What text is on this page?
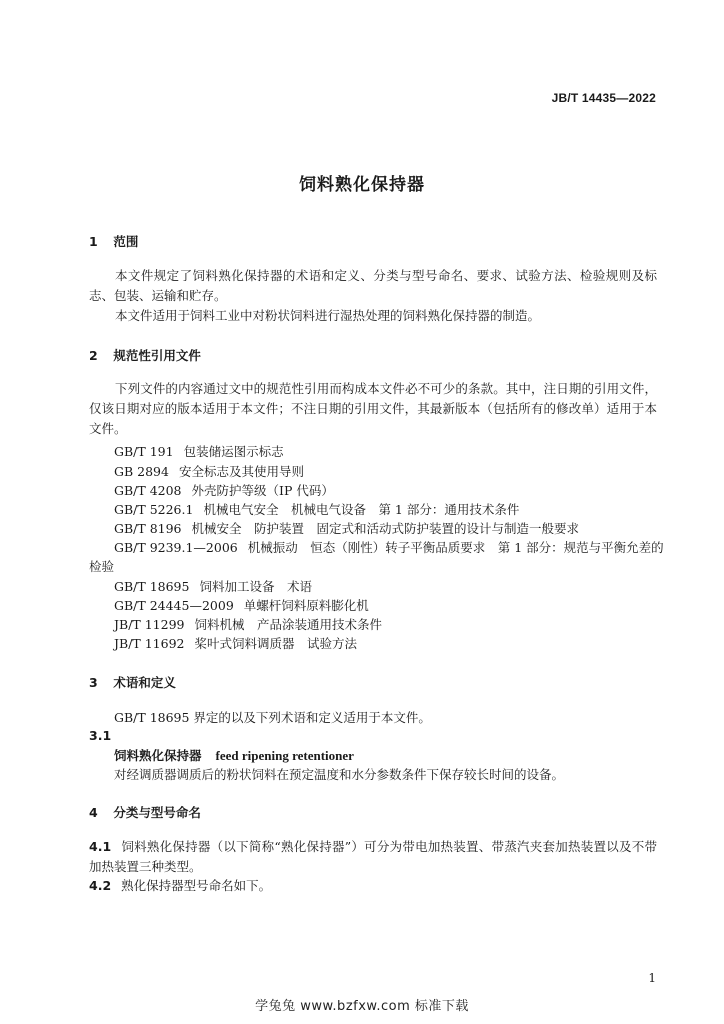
JB/T 14435—2022
饲料熟化保持器
1 范围
本文件规定了饲料熟化保持器的术语和定义、分类与型号命名、要求、试验方法、检验规则及标志、包装、运输和贮存。
本文件适用于饲料工业中对粉状饲料进行湿热处理的饲料熟化保持器的制造。
2 规范性引用文件
下列文件的内容通过文中的规范性引用而构成本文件必不可少的条款。其中，注日期的引用文件，仅该日期对应的版本适用于本文件；不注日期的引用文件，其最新版本（包括所有的修改单）适用于本文件。
GB/T 191 包装储运图示标志
GB 2894 安全标志及其使用导则
GB/T 4208 外壳防护等级（IP 代码）
GB/T 5226.1 机械电气安全　机械电气设备　第 1 部分：通用技术条件
GB/T 8196 机械安全　防护装置　固定式和活动式防护装置的设计与制造一般要求
GB/T 9239.1—2006 机械振动　恒态（刚性）转子平衡品质要求　第 1 部分：规范与平衡允差的
检验
GB/T 18695 饲料加工设备　术语
GB/T 24445—2009 单螺杆饲料原料膨化机
JB/T 11299 饲料机械　产品涂装通用技术条件
JB/T 11692 桨叶式饲料调质器　试验方法
3 术语和定义
GB/T 18695 界定的以及下列术语和定义适用于本文件。
3.1
饲料熟化保持器 feed ripening retentioner
对经调质器调质后的粉状饲料在预定温度和水分参数条件下保存较长时间的设备。
4 分类与型号命名
4.1 饲料熟化保持器（以下简称“熟化保持器”）可分为带电加热装置、带蒸汽夹套加热装置以及不带加热装置三种类型。
4.2 熟化保持器型号命名如下。
1
学兔兔 www.bzfxw.com 标准下载
